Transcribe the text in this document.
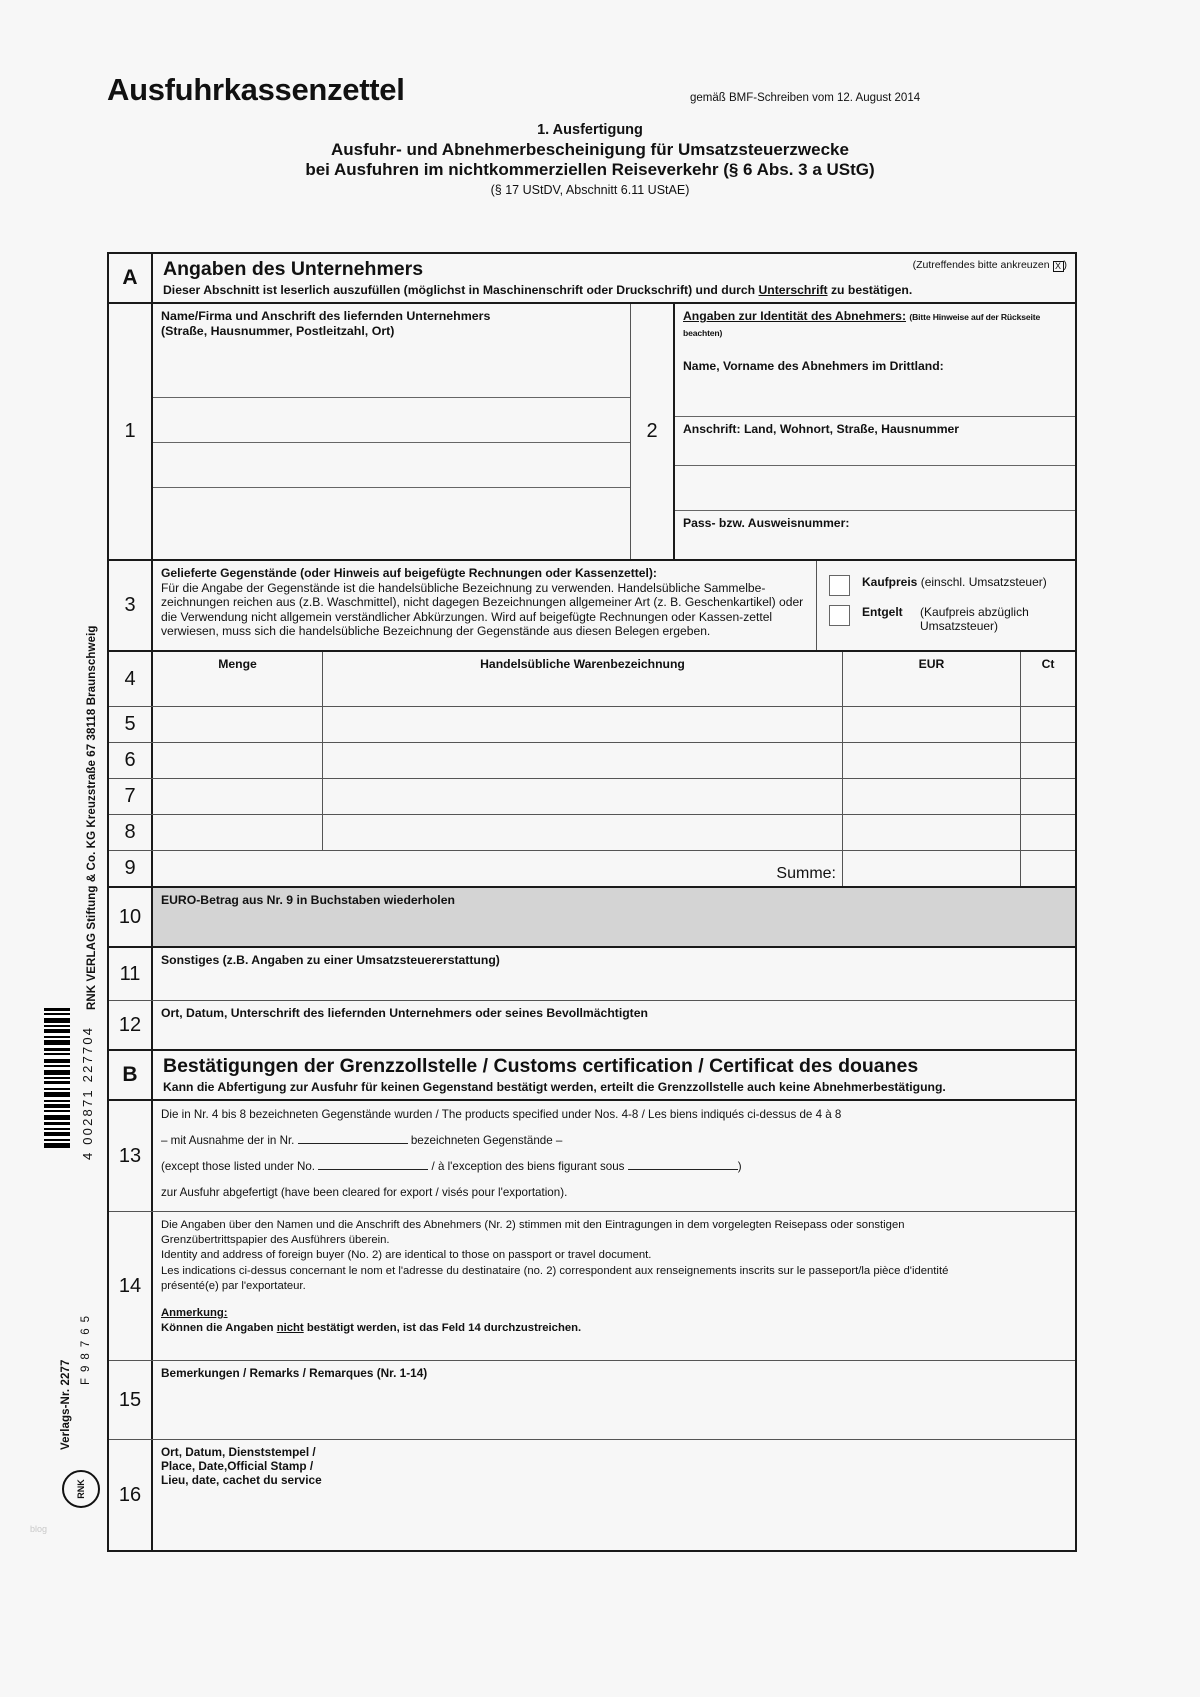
RNK VERLAG Stiftung & Co. KG Kreuzstraße 67 38118 Braunschweig
4 002871 227704
F 9 8 7 6 5
Verlags-Nr. 2277
RNK
blog
Ausfuhrkassenzettel	gemäß BMF-Schreiben vom 12. August 2014
1. Ausfertigung
Ausfuhr- und Abnehmerbescheinigung für Umsatzsteuerzwecke
bei Ausfuhren im nichtkommerziellen Reiseverkehr (§ 6 Abs. 3 a UStG)
(§ 17 UStDV, Abschnitt 6.11 UStAE)
A
(Zutreffendes bitte ankreuzen X )
Angaben des Unternehmers
Dieser Abschnitt ist leserlich auszufüllen (möglichst in Maschinenschrift oder Druckschrift) und durch Unterschrift zu bestätigen.
1
Name/Firma und Anschrift des liefernden Unternehmers
(Straße, Hausnummer, Postleitzahl, Ort)
2
Angaben zur Identität des Abnehmers: (Bitte Hinweise auf der Rückseite beachten)
Name, Vorname des Abnehmers im Drittland:
Anschrift: Land, Wohnort, Straße, Hausnummer
Pass- bzw. Ausweisnummer:
3
Gelieferte Gegenstände (oder Hinweis auf beigefügte Rechnungen oder Kassenzettel):
Für die Angabe der Gegenstände ist die handelsübliche Bezeichnung zu verwenden. Handelsübliche Sammelbe-zeichnungen reichen aus (z.B. Waschmittel), nicht dagegen Bezeichnungen allgemeiner Art (z. B. Geschenkartikel) oder die Verwendung nicht allgemein verständlicher Abkürzungen. Wird auf beigefügte Rechnungen oder Kassen-zettel verwiesen, muss sich die handelsübliche Bezeichnung der Gegenstände aus diesen Belegen ergeben.
Kaufpreis (einschl. Umsatzsteuer)
Entgelt (Kaufpreis abzüglich
Umsatzsteuer)
4
Menge	Handelsübliche Warenbezeichnung	EUR	Ct
5
6
7
8
9	Summe:
10
EURO-Betrag aus Nr. 9 in Buchstaben wiederholen
11
Sonstiges (z.B. Angaben zu einer Umsatzsteuererstattung)
12
Ort, Datum, Unterschrift des liefernden Unternehmers oder seines Bevollmächtigten
B	Bestätigungen der Grenzzollstelle / Customs certification / Certificat des douanes
Kann die Abfertigung zur Ausfuhr für keinen Gegenstand bestätigt werden, erteilt die Grenzzollstelle auch keine Abnehmerbestätigung.
13
Die in Nr. 4 bis 8 bezeichneten Gegenstände wurden / The products specified under Nos. 4-8 / Les biens indiqués ci-dessus de 4 à 8
– mit Ausnahme der in Nr.	bezeichneten Gegenstände –
(except those listed under No.	/ à l'exception des biens figurant sous	)
zur Ausfuhr abgefertigt (have been cleared for export / visés pour l'exportation).
14
Die Angaben über den Namen und die Anschrift des Abnehmers (Nr. 2) stimmen mit den Eintragungen in dem vorgelegten Reisepass oder sonstigen
Grenzübertrittspapier des Ausführers überein.
Identity and address of foreign buyer (No. 2) are identical to those on passport or travel document.
Les indications ci-dessus concernant le nom et l'adresse du destinataire (no. 2) correspondent aux renseignements inscrits sur le passeport/la pièce d'identité
présenté(e) par l'exportateur.
Anmerkung:
Können die Angaben nicht bestätigt werden, ist das Feld 14 durchzustreichen.
15
Bemerkungen / Remarks / Remarques (Nr. 1-14)
16
Ort, Datum, Dienststempel /
Place, Date,Official Stamp /
Lieu, date, cachet du service
